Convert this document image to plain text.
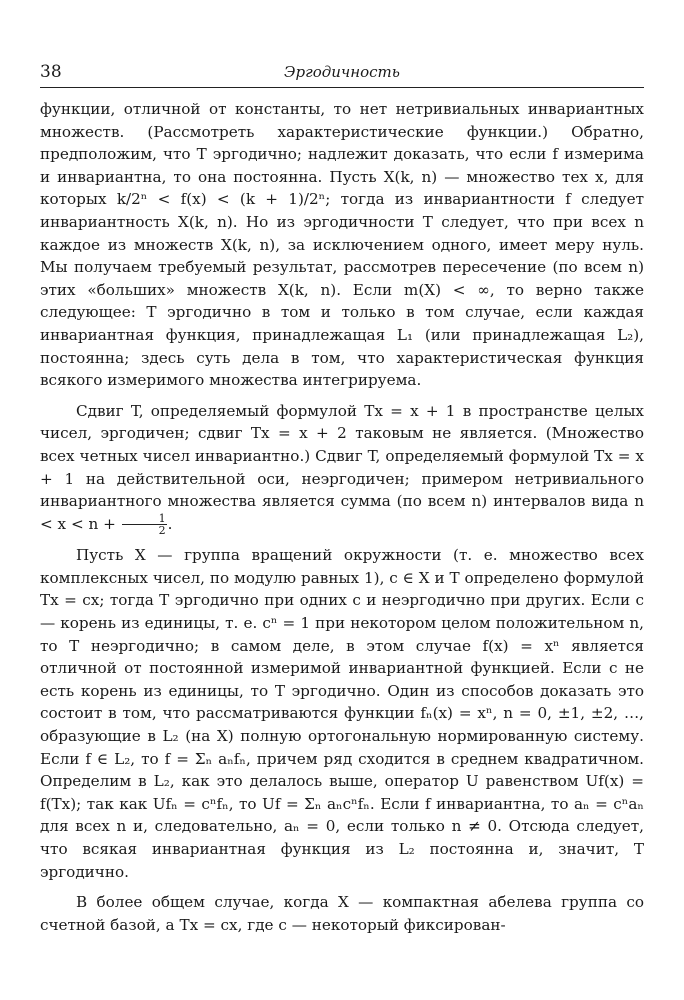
38	Эргодичность

функции, отличной от константы, то нет нетривиальных инвариантных множеств. (Рассмотреть характеристические функции.) Обратно, предположим, что T эргодично; надлежит доказать, что если f измерима и инвариантна, то она постоянна. Пусть X(k, n) — множество тех x, для которых k/2ⁿ < f(x) < (k + 1)/2ⁿ; тогда из инвариантности f следует инвариантность X(k, n). Но из эргодичности T следует, что при всех n каждое из множеств X(k, n), за исключением одного, имеет меру нуль. Мы получаем требуемый результат, рассмотрев пересечение (по всем n) этих «больших» множеств X(k, n). Если m(X) < ∞, то верно также следующее: T эргодично в том и только в том случае, если каждая инвариантная функция, принадлежащая L₁ (или принадлежащая L₂), постоянна; здесь суть дела в том, что характеристическая функция всякого измеримого множества интегрируема.

Сдвиг T, определяемый формулой Tx = x + 1 в пространстве целых чисел, эргодичен; сдвиг Tx = x + 2 таковым не является. (Множество всех четных чисел инвариантно.) Сдвиг T, определяемый формулой Tx = x + 1 на действительной оси, неэргодичен; примером нетривиального инвариантного множества является сумма (по всем n) интервалов вида $n < x < n + \frac{1}{2}$ .

Пусть X — группа вращений окружности (т. е. множество всех комплексных чисел, по модулю равных 1), c ∈ X и T определено формулой Tx = cx; тогда T эргодично при одних c и неэргодично при других. Если c — корень из единицы, т. е. cⁿ = 1 при некотором целом положительном n, то T неэргодично; в самом деле, в этом случае f(x) = xⁿ является отличной от постоянной измеримой инвариантной функцией. Если c не есть корень из единицы, то T эргодично. Один из способов доказать это состоит в том, что рассматриваются функции fₙ(x) = xⁿ, n = 0, ±1, ±2, …, образующие в L₂ (на X) полную ортогональную нормированную систему. Если f ∈ L₂, то f = Σₙ aₙfₙ, причем ряд сходится в среднем квадратичном. Определим в L₂, как это делалось выше, оператор U равенством Uf(x) = f(Tx); так как Ufₙ = cⁿfₙ, то Uf = Σₙ aₙcⁿfₙ. Если f инвариантна, то aₙ = cⁿaₙ для всех n и, следовательно, aₙ = 0, если только n ≠ 0. Отсюда следует, что всякая инвариантная функция из L₂ постоянна и, значит, T эргодично.

В более общем случае, когда X — компактная абелева группа со счетной базой, а Tx = cx, где c — некоторый фиксирован-
